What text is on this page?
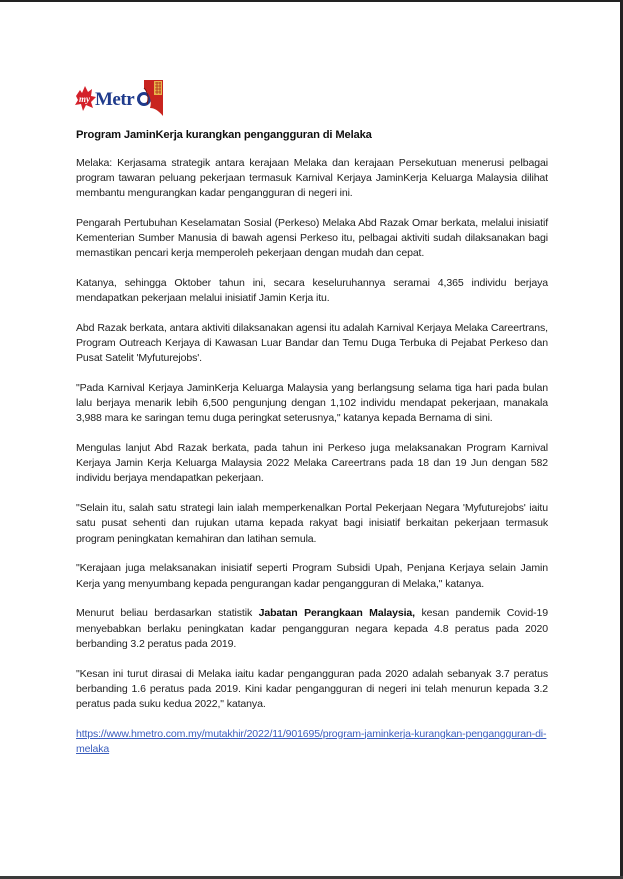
my Metr
Program JaminKerja kurangkan pengangguran di Melaka

Melaka: Kerjasama strategik antara kerajaan Melaka dan kerajaan Persekutuan menerusi pelbagai program tawaran peluang pekerjaan termasuk Karnival Kerjaya JaminKerja Keluarga Malaysia dilihat membantu mengurangkan kadar pengangguran di negeri ini.

Pengarah Pertubuhan Keselamatan Sosial (Perkeso) Melaka Abd Razak Omar berkata, melalui inisiatif Kementerian Sumber Manusia di bawah agensi Perkeso itu, pelbagai aktiviti sudah dilaksanakan bagi memastikan pencari kerja memperoleh pekerjaan dengan mudah dan cepat.

Katanya, sehingga Oktober tahun ini, secara keseluruhannya seramai 4,365 individu berjaya mendapatkan pekerjaan melalui inisiatif Jamin Kerja itu.

Abd Razak berkata, antara aktiviti dilaksanakan agensi itu adalah Karnival Kerjaya Melaka Careertrans, Program Outreach Kerjaya di Kawasan Luar Bandar dan Temu Duga Terbuka di Pejabat Perkeso dan Pusat Satelit 'Myfuturejobs'.

"Pada Karnival Kerjaya JaminKerja Keluarga Malaysia yang berlangsung selama tiga hari pada bulan lalu berjaya menarik lebih 6,500 pengunjung dengan 1,102 individu mendapat pekerjaan, manakala 3,988 mara ke saringan temu duga peringkat seterusnya," katanya kepada Bernama di sini.

Mengulas lanjut Abd Razak berkata, pada tahun ini Perkeso juga melaksanakan Program Karnival Kerjaya Jamin Kerja Keluarga Malaysia 2022 Melaka Careertrans pada 18 dan 19 Jun dengan 582 individu berjaya mendapatkan pekerjaan.

"Selain itu, salah satu strategi lain ialah memperkenalkan Portal Pekerjaan Negara 'Myfuturejobs' iaitu satu pusat sehenti dan rujukan utama kepada rakyat bagi inisiatif berkaitan pekerjaan termasuk program peningkatan kemahiran dan latihan semula.

"Kerajaan juga melaksanakan inisiatif seperti Program Subsidi Upah, Penjana Kerjaya selain Jamin Kerja yang menyumbang kepada pengurangan kadar pengangguran di Melaka," katanya.

Menurut beliau berdasarkan statistik Jabatan Perangkaan Malaysia, kesan pandemik Covid-19 menyebabkan berlaku peningkatan kadar pengangguran negara kepada 4.8 peratus pada 2020 berbanding 3.2 peratus pada 2019.

"Kesan ini turut dirasai di Melaka iaitu kadar pengangguran pada 2020 adalah sebanyak 3.7 peratus berbanding 1.6 peratus pada 2019. Kini kadar pengangguran di negeri ini telah menurun kepada 3.2 peratus pada suku kedua 2022," katanya.

https://www.hmetro.com.my/mutakhir/2022/11/901695/program-jaminkerja-kurangkan-pengangguran-di-melaka
